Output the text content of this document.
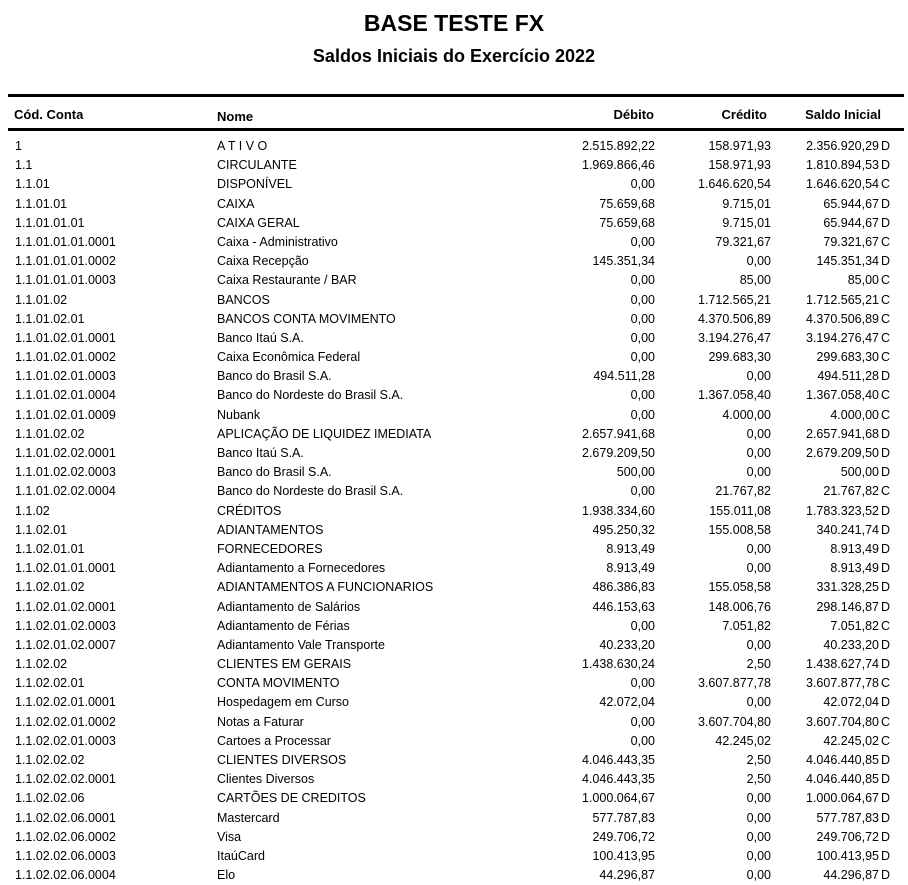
BASE TESTE FX
Saldos Iniciais do Exercício 2022
Cód. Conta	Nome	Débito	Crédito	Saldo Inicial
1	A T I V O	2.515.892,22	158.971,93	2.356.920,29 D
1.1	CIRCULANTE	1.969.866,46	158.971,93	1.810.894,53 D
1.1.01	DISPONÍVEL	0,00	1.646.620,54	1.646.620,54 C
1.1.01.01	CAIXA	75.659,68	9.715,01	65.944,67 D
1.1.01.01.01	CAIXA GERAL	75.659,68	9.715,01	65.944,67 D
1.1.01.01.01.0001	Caixa - Administrativo	0,00	79.321,67	79.321,67 C
1.1.01.01.01.0002	Caixa Recepção	145.351,34	0,00	145.351,34 D
1.1.01.01.01.0003	Caixa Restaurante / BAR	0,00	85,00	85,00 C
1.1.01.02	BANCOS	0,00	1.712.565,21	1.712.565,21 C
1.1.01.02.01	BANCOS CONTA MOVIMENTO	0,00	4.370.506,89	4.370.506,89 C
1.1.01.02.01.0001	Banco Itaú S.A.	0,00	3.194.276,47	3.194.276,47 C
1.1.01.02.01.0002	Caixa Econômica Federal	0,00	299.683,30	299.683,30 C
1.1.01.02.01.0003	Banco do Brasil S.A.	494.511,28	0,00	494.511,28 D
1.1.01.02.01.0004	Banco do Nordeste do Brasil S.A.	0,00	1.367.058,40	1.367.058,40 C
1.1.01.02.01.0009	Nubank	0,00	4.000,00	4.000,00 C
1.1.01.02.02	APLICAÇÃO DE LIQUIDEZ IMEDIATA	2.657.941,68	0,00	2.657.941,68 D
1.1.01.02.02.0001	Banco Itaú S.A.	2.679.209,50	0,00	2.679.209,50 D
1.1.01.02.02.0003	Banco do Brasil S.A.	500,00	0,00	500,00 D
1.1.01.02.02.0004	Banco do Nordeste do Brasil S.A.	0,00	21.767,82	21.767,82 C
1.1.02	CRÉDITOS	1.938.334,60	155.011,08	1.783.323,52 D
1.1.02.01	ADIANTAMENTOS	495.250,32	155.008,58	340.241,74 D
1.1.02.01.01	FORNECEDORES	8.913,49	0,00	8.913,49 D
1.1.02.01.01.0001	Adiantamento a Fornecedores	8.913,49	0,00	8.913,49 D
1.1.02.01.02	ADIANTAMENTOS A FUNCIONARIOS	486.386,83	155.058,58	331.328,25 D
1.1.02.01.02.0001	Adiantamento de Salários	446.153,63	148.006,76	298.146,87 D
1.1.02.01.02.0003	Adiantamento de Férias	0,00	7.051,82	7.051,82 C
1.1.02.01.02.0007	Adiantamento Vale Transporte	40.233,20	0,00	40.233,20 D
1.1.02.02	CLIENTES EM GERAIS	1.438.630,24	2,50	1.438.627,74 D
1.1.02.02.01	CONTA MOVIMENTO	0,00	3.607.877,78	3.607.877,78 C
1.1.02.02.01.0001	Hospedagem em Curso	42.072,04	0,00	42.072,04 D
1.1.02.02.01.0002	Notas a Faturar	0,00	3.607.704,80	3.607.704,80 C
1.1.02.02.01.0003	Cartoes a Processar	0,00	42.245,02	42.245,02 C
1.1.02.02.02	CLIENTES DIVERSOS	4.046.443,35	2,50	4.046.440,85 D
1.1.02.02.02.0001	Clientes Diversos	4.046.443,35	2,50	4.046.440,85 D
1.1.02.02.06	CARTÕES DE CREDITOS	1.000.064,67	0,00	1.000.064,67 D
1.1.02.02.06.0001	Mastercard	577.787,83	0,00	577.787,83 D
1.1.02.02.06.0002	Visa	249.706,72	0,00	249.706,72 D
1.1.02.02.06.0003	ItaúCard	100.413,95	0,00	100.413,95 D
1.1.02.02.06.0004	Elo	44.296,87	0,00	44.296,87 D
